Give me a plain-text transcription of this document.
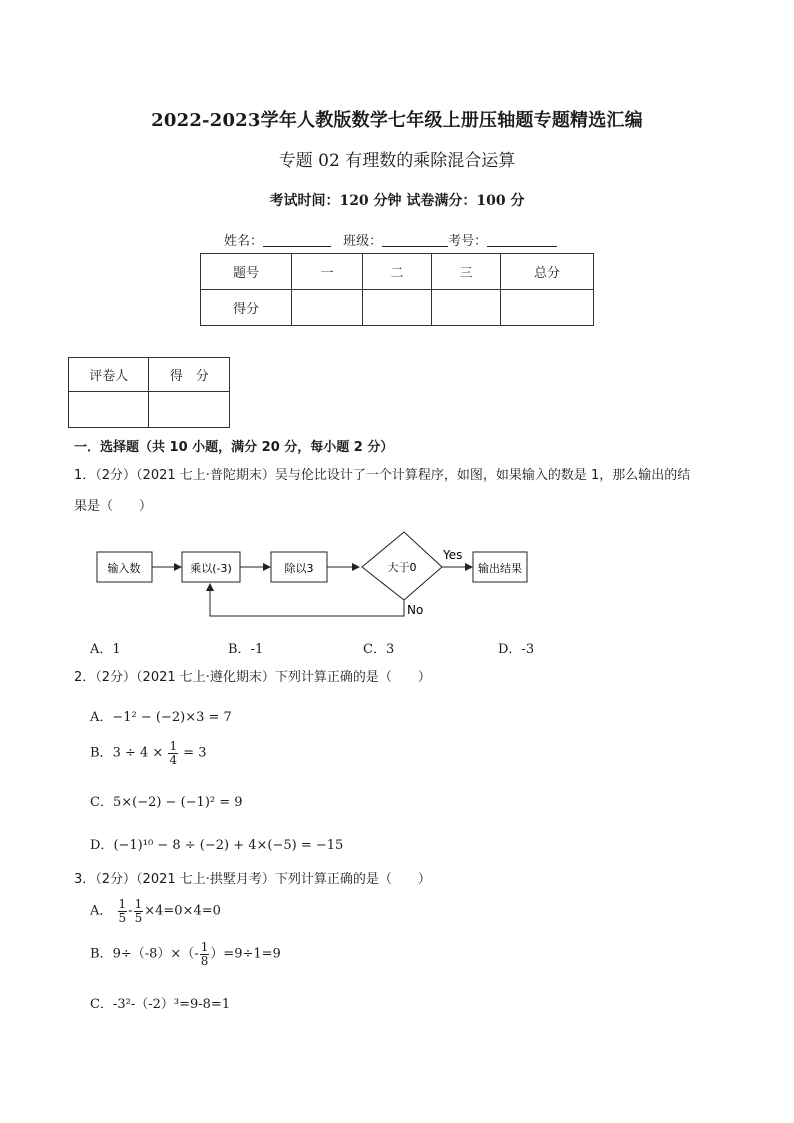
2022-2023学年人教版数学七年级上册压轴题专题精选汇编
专题 02 有理数的乘除混合运算
考试时间：120 分钟 试卷满分：100 分
姓名：	班级：	考号：
题号	一	二	三	总分
得分				
评卷人	得　分

一．选择题（共 10 小题，满分 20 分，每小题 2 分）
1．（2分）（2021 七上·普陀期末）吴与伦比设计了一个计算程序，如图，如果输入的数是 1，那么输出的结
果是（　　）
输入数	乘以(-3)	除以3	大于0
Yes
输出结果
No
A．1	B．-1	C．3	D．-3
2．（2分）（2021 七上·遵化期末）下列计算正确的是（　　）
A．−1² − (−2)×3 = 7
B．$3 \div 4 \times \frac{1}{4} = 3$
C．5×(−2) − (−1)² = 9
D．(−1)¹⁰ − 8 ÷ (−2) + 4×(−5) = −15
3．（2分）（2021 七上·拱墅月考）下列计算正确的是（　　）
A． $\frac{1}{5} - \frac{1}{5} \times 4=0\times 4=0$
B．$9\div(-8)\times(- \frac{1}{8} )=9\div 1=9$
C．-3²-（-2）³=9-8=1
